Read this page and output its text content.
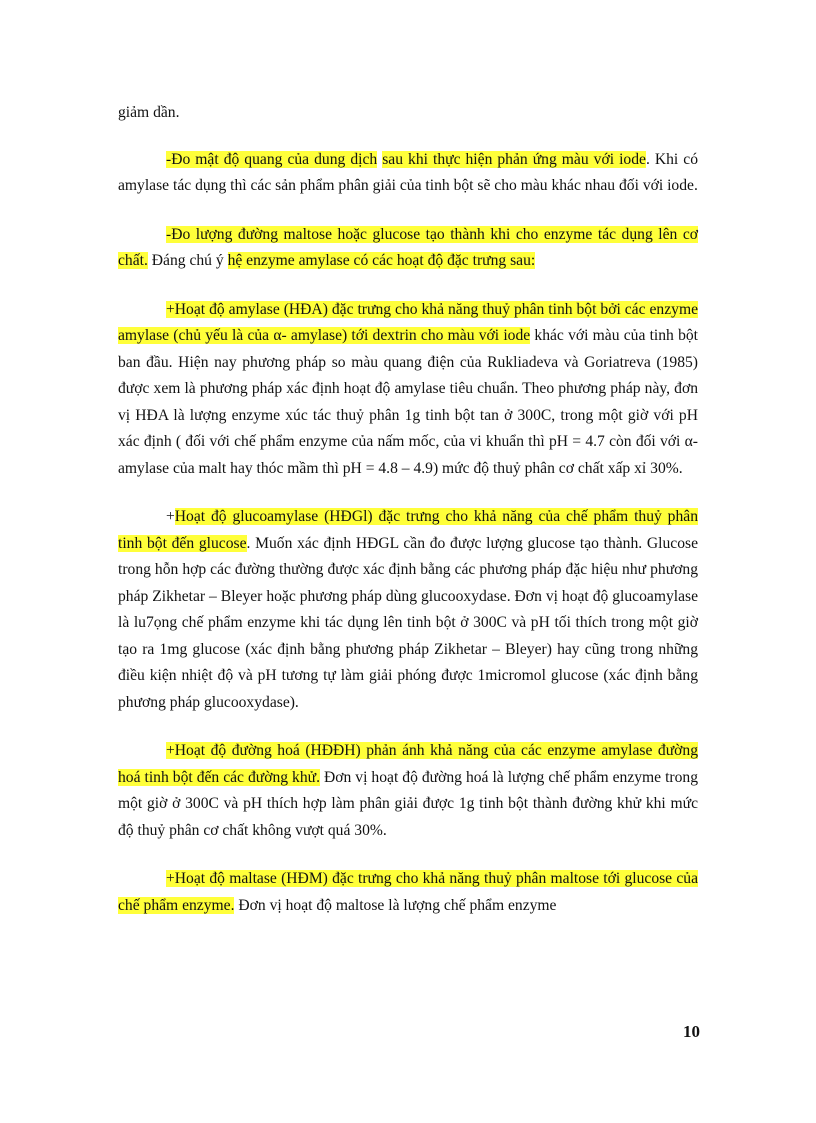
giảm dần.

-Đo mật độ quang của dung dịch sau khi thực hiện phản ứng màu với iode. Khi có amylase tác dụng thì các sản phẩm phân giải của tinh bột sẽ cho màu khác nhau đối với iode.

-Đo lượng đường maltose hoặc glucose tạo thành khi cho enzyme tác dụng lên cơ chất. Đáng chú ý hệ enzyme amylase có các hoạt độ đặc trưng sau:

+Hoạt độ amylase (HĐA) đặc trưng cho khả năng thuỷ phân tinh bột bởi các enzyme amylase (chủ yếu là của α- amylase) tới dextrin cho màu với iode khác với màu của tinh bột ban đầu. Hiện nay phương pháp so màu quang điện của Rukliadeva và Goriatreva (1985) được xem là phương pháp xác định hoạt độ amylase tiêu chuẩn. Theo phương pháp này, đơn vị HĐA là lượng enzyme xúc tác thuỷ phân 1g tinh bột tan ở 300C, trong một giờ với pH xác định ( đối với chế phẩm enzyme của nấm mốc, của vi khuẩn thì pH = 4.7 còn đối với α- amylase của malt hay thóc mầm thì pH = 4.8 – 4.9) mức độ thuỷ phân cơ chất xấp xỉ 30%.

+Hoạt độ glucoamylase (HĐGl) đặc trưng cho khả năng của chế phẩm thuỷ phân tinh bột đến glucose. Muốn xác định HĐGL cần đo được lượng glucose tạo thành. Glucose trong hỗn hợp các đường thường được xác định bằng các phương pháp đặc hiệu như phương pháp Zikhetar – Bleyer hoặc phương pháp dùng glucooxydase. Đơn vị hoạt độ glucoamylase là lu7ọng chế phẩm enzyme khi tác dụng lên tinh bột ở 300C và pH tối thích trong một giờ tạo ra 1mg glucose (xác định bằng phương pháp Zikhetar – Bleyer) hay cũng trong những điều kiện nhiệt độ và pH tương tự làm giải phóng được 1micromol glucose (xác định bằng phương pháp glucooxydase).

+Hoạt độ đường hoá (HĐĐH) phản ánh khả năng của các enzyme amylase đường hoá tinh bột đến các đường khử. Đơn vị hoạt độ đường hoá là lượng chế phẩm enzyme trong một giờ ở 300C và pH thích hợp làm phân giải được 1g tinh bột thành đường khử khi mức độ thuỷ phân cơ chất không vượt quá 30%.

+Hoạt độ maltase (HĐM) đặc trưng cho khả năng thuỷ phân maltose tới glucose của chế phẩm enzyme. Đơn vị hoạt độ maltose là lượng chế phẩm enzyme

10
